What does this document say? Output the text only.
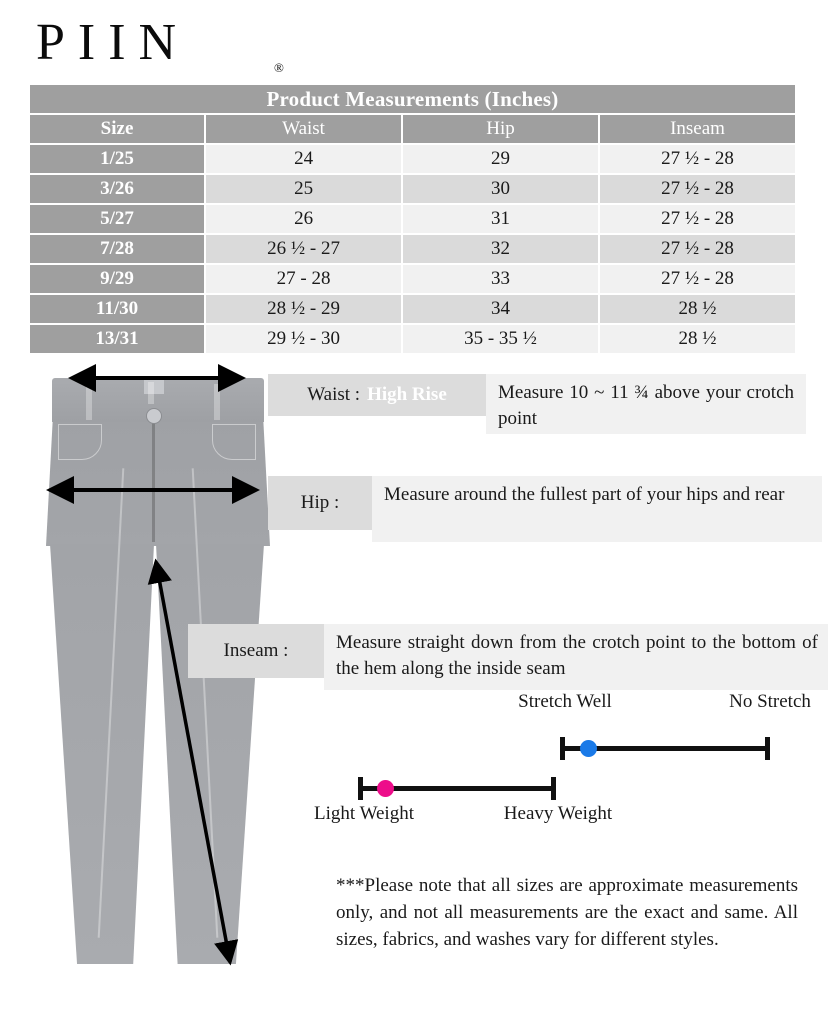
PIIN	®
Product Measurements (Inches)
Size	Waist	Hip	Inseam
1/25	24	29	27 ½ - 28
3/26	25	30	27 ½ - 28
5/27	26	31	27 ½ - 28
7/28	26 ½ - 27	32	27 ½ - 28
9/29	27 - 28	33	27 ½ - 28
11/30	28 ½ - 29	34	28 ½
13/31	29 ½ - 30	35 - 35 ½	28 ½
Waist : High Rise	Measure 10 ~ 11 ¾ above your crotch point
Hip :	Measure around the fullest part of your hips and rear
Inseam :	Measure straight down from the crotch point to the bottom of the hem along the inside seam
Stretch Well	No Stretch
Light Weight	Heavy Weight
***Please note that all sizes are approximate measurements only, and not all measurements are the exact and same. All sizes, fabrics, and washes vary for different styles.
